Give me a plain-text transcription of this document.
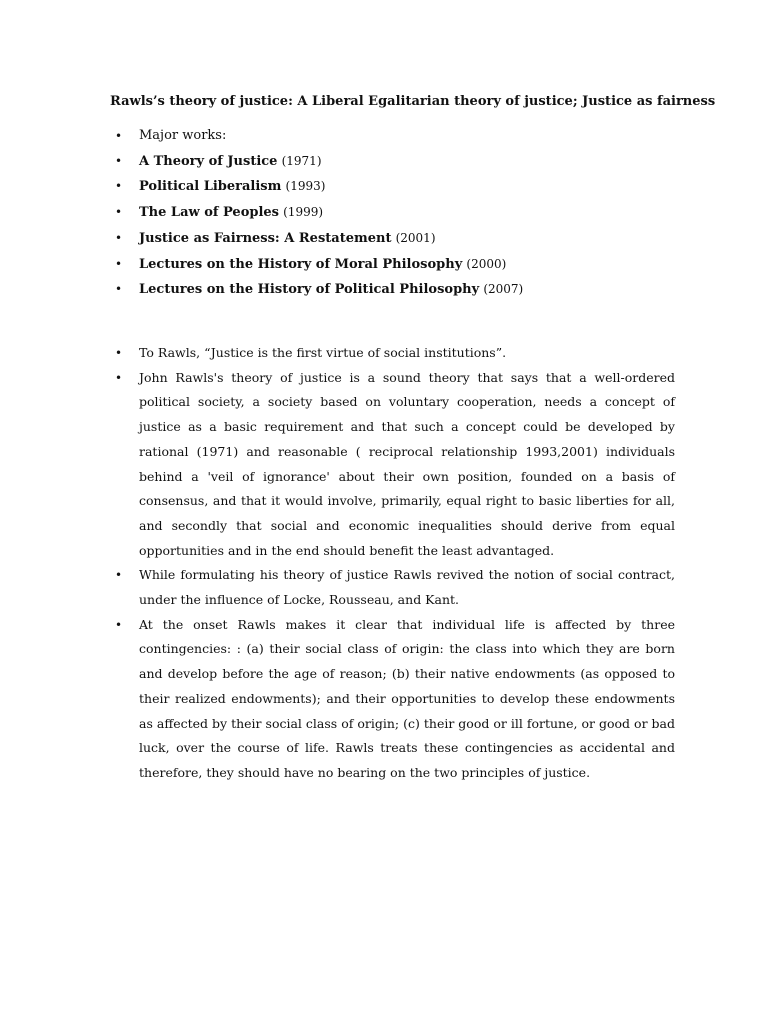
Rawls’s theory of justice: A Liberal Egalitarian theory of justice; Justice as fairness
• Major works:
• A Theory of Justice (1971)
• Political Liberalism (1993)
• The Law of Peoples (1999)
• Justice as Fairness: A Restatement (2001)
• Lectures on the History of Moral Philosophy (2000)
• Lectures on the History of Political Philosophy (2007)
• To Rawls, “Justice is the first virtue of social institutions”.
• John Rawls's theory of justice is a sound theory that says that a well-ordered political society, a society based on voluntary cooperation, needs a concept of justice as a basic requirement and that such a concept could be developed by rational (1971) and reasonable ( reciprocal relationship 1993,2001) individuals behind a 'veil of ignorance' about their own position, founded on a basis of consensus, and that it would involve, primarily, equal right to basic liberties for all, and secondly that social and economic inequalities should derive from equal opportunities and in the end should benefit the least advantaged.
• While formulating his theory of justice Rawls revived the notion of social contract, under the influence of Locke, Rousseau, and Kant.
• At the onset Rawls makes it clear that individual life is affected by three contingencies: : (a) their social class of origin: the class into which they are born and develop before the age of reason; (b) their native endowments (as opposed to their realized endowments); and their opportunities to develop these endowments as affected by their social class of origin; (c) their good or ill fortune, or good or bad luck, over the course of life. Rawls treats these contingencies as accidental and therefore, they should have no bearing on the two principles of justice.
